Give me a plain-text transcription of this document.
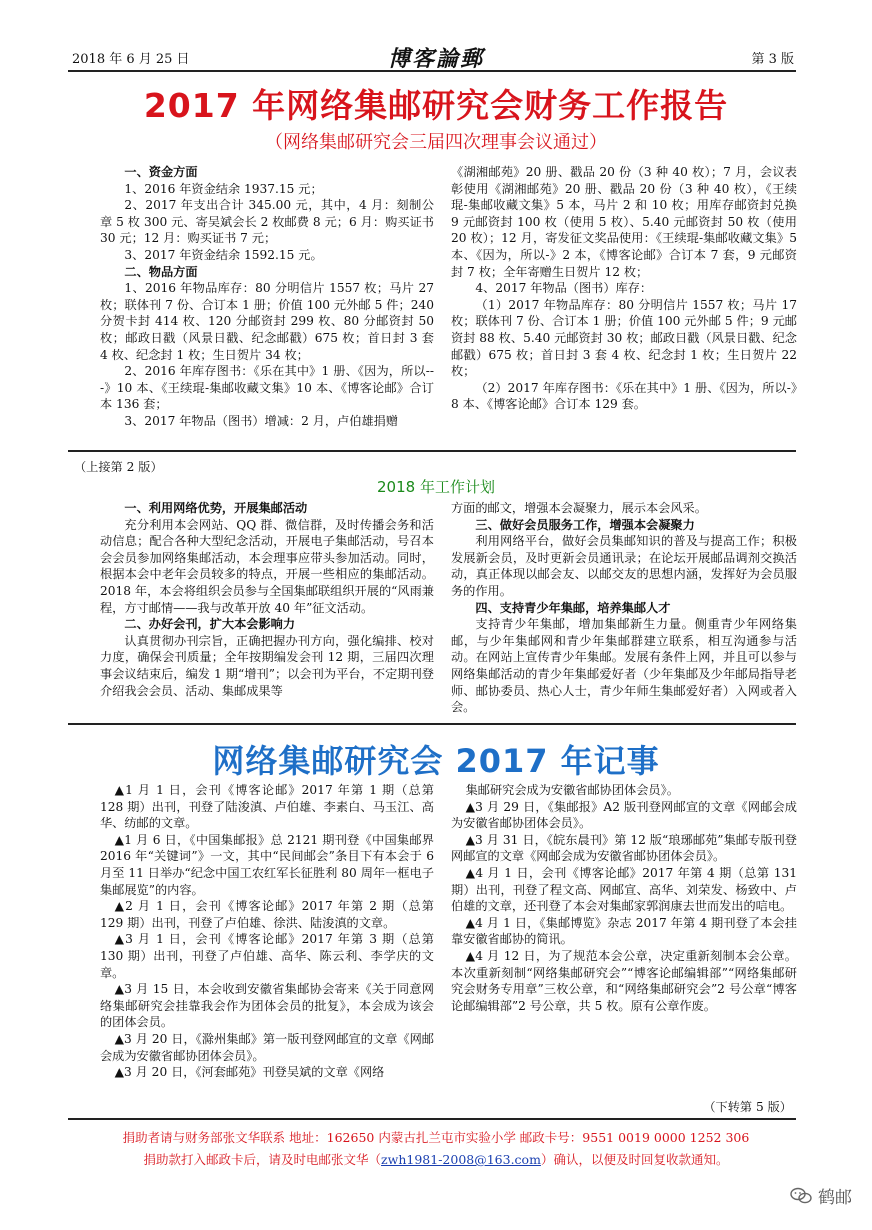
2018 年 6 月 25 日	博客論郵	第 3 版
2017 年网络集邮研究会财务工作报告
（网络集邮研究会三届四次理事会议通过）

一、资金方面

1、2016 年资金结余 1937.15 元；

2、2017 年支出合计 345.00 元，其中，4 月：刻制公章 5 枚 300 元、寄吴斌会长 2 枚邮费 8 元；6 月：购买证书 30 元；12 月：购买证书 7 元；

3、2017 年资金结余 1592.15 元。

二、物品方面

1、2016 年物品库存：80 分明信片 1557 枚；马片 27 枚；联体刊 7 份、合订本 1 册；价值 100 元外邮 5 件；240 分贺卡封 414 枚、120 分邮资封 299 枚、80 分邮资封 50 枚；邮政日戳（风景日戳、纪念邮戳）675 枚；首日封 3 套 4 枚、纪念封 1 枚；生日贺片 34 枚；

2、2016 年库存图书：《乐在其中》1 册、《因为，所以---》10 本、《王续琨-集邮收藏文集》10 本、《博客论邮》合订本 136 套；

3、2017 年物品（图书）增减：2 月，卢伯雄捐赠

《湖湘邮苑》20 册、戳品 20 份（3 种 40 枚）；7 月，会议表彰使用《湖湘邮苑》20 册、戳品 20 份（3 种 40 枚），《王续琨-集邮收藏文集》5 本，马片 2 和 10 枚；用库存邮资封兑换 9 元邮资封 100 枚（使用 5 枚）、5.40 元邮资封 50 枚（使用 20 枚）；12 月，寄发征文奖品使用：《王续琨-集邮收藏文集》5 本、《因为，所以-》2 本，《博客论邮》合订本 7 套，9 元邮资封 7 枚；全年寄赠生日贺片 12 枚；

4、2017 年物品（图书）库存：

（1）2017 年物品库存：80 分明信片 1557 枚；马片 17 枚；联体刊 7 份、合订本 1 册；价值 100 元外邮 5 件；9 元邮资封 88 枚、5.40 元邮资封 30 枚；邮政日戳（风景日戳、纪念邮戳）675 枚；首日封 3 套 4 枚、纪念封 1 枚；生日贺片 22 枚；

（2）2017 年库存图书：《乐在其中》1 册、《因为，所以-》8 本、《博客论邮》合订本 129 套。

（上接第 2 版）
2018 年工作计划

一、利用网络优势，开展集邮活动

充分利用本会网站、QQ 群、微信群，及时传播会务和活动信息；配合各种大型纪念活动，开展电子集邮活动，号召本会会员参加网络集邮活动，本会理事应带头参加活动。同时，根据本会中老年会员较多的特点，开展一些相应的集邮活动。2018 年，本会将组织会员参与全国集邮联组织开展的“风雨兼程，方寸邮情——我与改革开放 40 年”征文活动。

二、办好会刊，扩大本会影响力

认真贯彻办刊宗旨，正确把握办刊方向，强化编排、校对力度，确保会刊质量；全年按期编发会刊 12 期，三届四次理事会议结束后，编发 1 期“增刊”；以会刊为平台，不定期刊登介绍我会会员、活动、集邮成果等

方面的邮文，增强本会凝聚力，展示本会风采。

三、做好会员服务工作，增强本会凝聚力

利用网络平台，做好会员集邮知识的普及与提高工作；积极发展新会员，及时更新会员通讯录；在论坛开展邮品调剂交换活动，真正体现以邮会友、以邮交友的思想内涵，发挥好为会员服务的作用。

四、支持青少年集邮，培养集邮人才

支持青少年集邮，增加集邮新生力量。侧重青少年网络集邮，与少年集邮网和青少年集邮群建立联系，相互沟通参与活动。在网站上宣传青少年集邮。发展有条件上网，并且可以参与网络集邮活动的青少年集邮爱好者（少年集邮及少年邮局指导老师、邮协委员、热心人士，青少年师生集邮爱好者）入网或者入会。

网络集邮研究会 2017 年记事

▲1 月 1 日，会刊《博客论邮》2017 年第 1 期（总第 128 期）出刊，刊登了陆浚滇、卢伯雄、李素白、马玉江、高华、纺邮的文章。

▲1 月 6 日，《中国集邮报》总 2121 期刊登《中国集邮界 2016 年“关键词”》一文，其中“民间邮会”条目下有本会于 6 月至 11 日举办“纪念中国工农红军长征胜利 80 周年一框电子集邮展览”的内容。

▲2 月 1 日，会刊《博客论邮》2017 年第 2 期（总第 129 期）出刊，刊登了卢伯雄、徐洪、陆浚滇的文章。

▲3 月 1 日，会刊《博客论邮》2017 年第 3 期（总第 130 期）出刊，刊登了卢伯雄、高华、陈云利、李学庆的文章。

▲3 月 15 日，本会收到安徽省集邮协会寄来《关于同意网络集邮研究会挂靠我会作为团体会员的批复》，本会成为该会的团体会员。

▲3 月 20 日，《滁州集邮》第一版刊登网邮宣的文章《网邮会成为安徽省邮协团体会员》。

▲3 月 20 日，《河套邮苑》刊登吴斌的文章《网络

集邮研究会成为安徽省邮协团体会员》。

▲3 月 29 日，《集邮报》A2 版刊登网邮宣的文章《网邮会成为安徽省邮协团体会员》。

▲3 月 31 日，《皖东晨刊》第 12 版“琅琊邮苑”集邮专版刊登网邮宣的文章《网邮会成为安徽省邮协团体会员》。

▲4 月 1 日，会刊《博客论邮》2017 年第 4 期（总第 131 期）出刊，刊登了程文高、网邮宣、高华、刘荣发、杨致中、卢伯雄的文章，还刊登了本会对集邮家郭润康去世而发出的唁电。

▲4 月 1 日，《集邮博览》杂志 2017 年第 4 期刊登了本会挂靠安徽省邮协的简讯。

▲4 月 12 日，为了规范本会公章，决定重新刻制本会公章。本次重新刻制“网络集邮研究会”“博客论邮编辑部”“网络集邮研究会财务专用章”三枚公章，和“网络集邮研究会”2 号公章“博客论邮编辑部”2 号公章，共 5 枚。原有公章作废。

（下转第 5 版）
捐助者请与财务部张文华联系 地址：162650 内蒙古扎兰屯市实验小学 邮政卡号：9551 0019 0000 1252 306
捐助款打入邮政卡后，请及时电邮张文华（zwh1981-2008@163.com）确认，以便及时回复收款通知。
鹤邮
